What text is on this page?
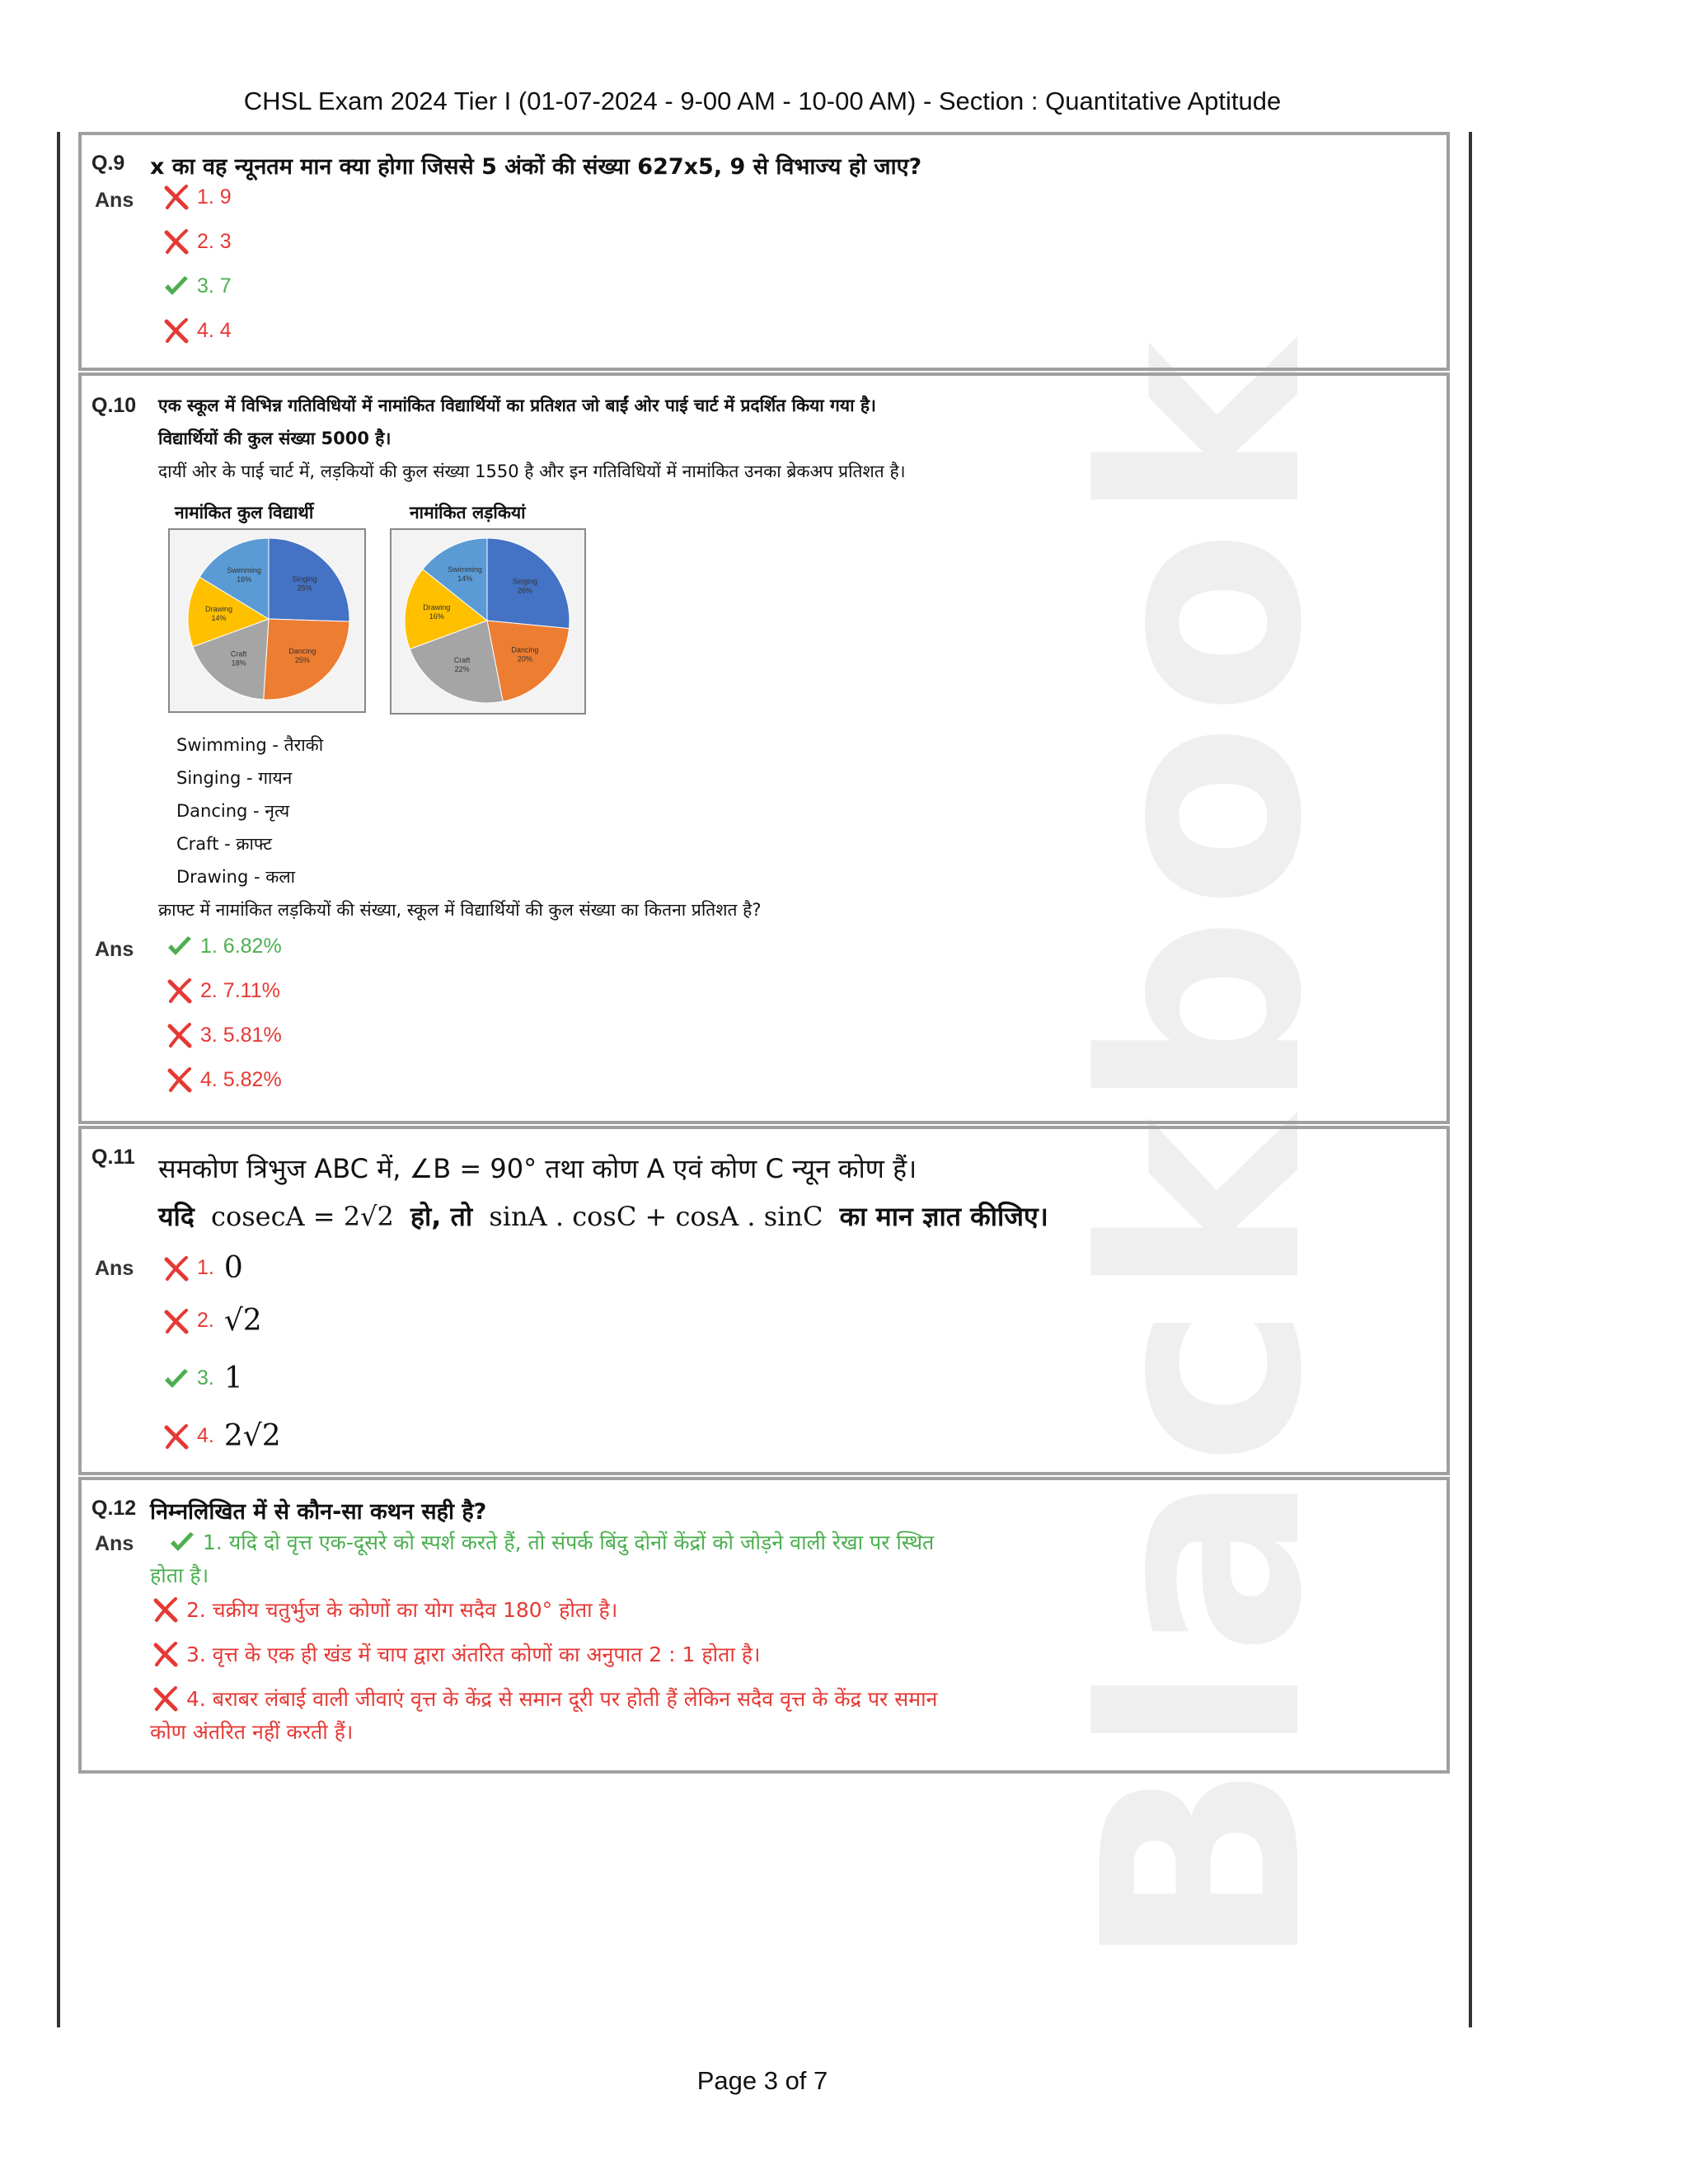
Blackbook
CHSL Exam 2024 Tier I (01-07-2024 - 9-00 AM - 10-00 AM) - Section : Quantitative Aptitude
Q.9 x का वह न्यूनतम मान क्या होगा जिससे 5 अंकों की संख्या 627x5, 9 से विभाज्य हो जाए?
Ans	1. 9
2. 3
3. 7
4. 4
Q.10 एक स्कूल में विभिन्न गतिविधियों में नामांकित विद्यार्थियों का प्रतिशत जो बाईं ओर पाई चार्ट में प्रदर्शित किया गया है।
विद्यार्थियों की कुल संख्या 5000 है।
दायीं ओर के पाई चार्ट में, लड़कियों की कुल संख्या 1550 है और इन गतिविधियों में नामांकित उनका ब्रेकअप प्रतिशत है।
नामांकित कुल विद्यार्थी	नामांकित लड़कियां
Singing 25%
Dancing 25%
Craft 18%
Drawing 14%
Swimming 16%	Singing 26%
Dancing 20%
Craft 22%
Drawing 16%
Swimming 14%
Swimming - तैराकी
Singing - गायन
Dancing - नृत्य
Craft - क्राफ्ट
Drawing - कला
क्राफ्ट में नामांकित लड़कियों की संख्या, स्कूल में विद्यार्थियों की कुल संख्या का कितना प्रतिशत है?
Ans	1. 6.82%
2. 7.11%
3. 5.81%
4. 5.82%
Q.11 समकोण त्रिभुज ABC में, ∠B = 90° तथा कोण A एवं कोण C न्यून कोण हैं।
यदि cosecA = 2√2 हो, तो sinA . cosC + cosA . sinC का मान ज्ञात कीजिए।
Ans	1. 0
2. √2
3. 1
4. 2√2
Q.12 निम्नलिखित में से कौन-सा कथन सही है?
Ans	1. यदि दो वृत्त एक-दूसरे को स्पर्श करते हैं, तो संपर्क बिंदु दोनों केंद्रों को जोड़ने वाली रेखा पर स्थित
होता है।
2. चक्रीय चतुर्भुज के कोणों का योग सदैव 180° होता है।
3. वृत्त के एक ही खंड में चाप द्वारा अंतरित कोणों का अनुपात 2 : 1 होता है।
4. बराबर लंबाई वाली जीवाएं वृत्त के केंद्र से समान दूरी पर होती हैं लेकिन सदैव वृत्त के केंद्र पर समान
कोण अंतरित नहीं करती हैं।
Page 3 of 7
